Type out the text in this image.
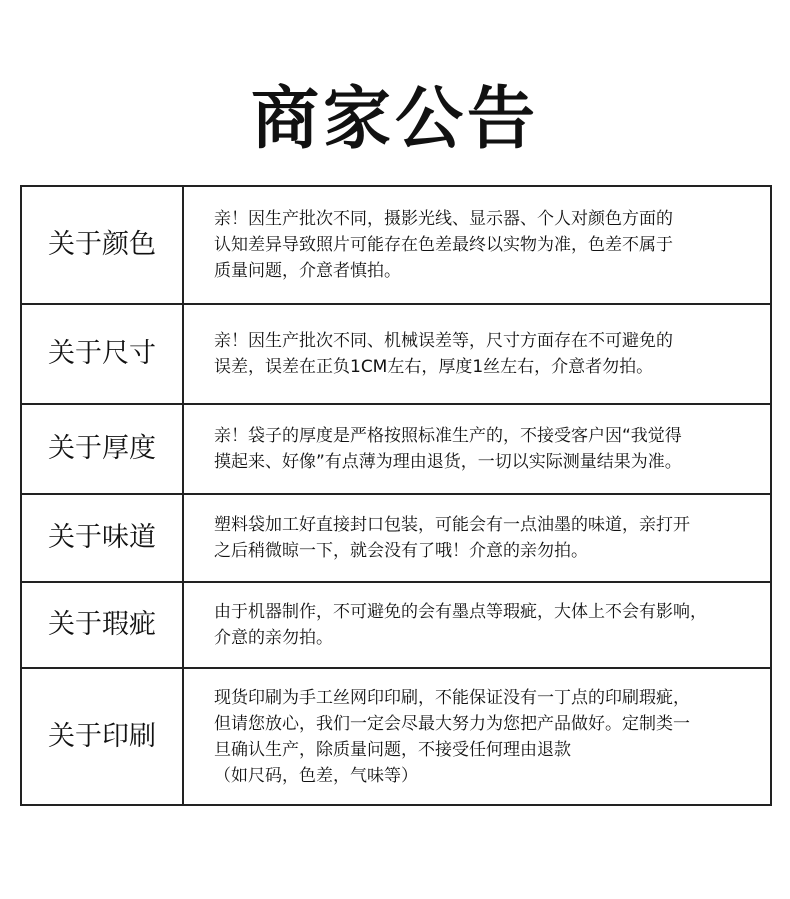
商家公告
关于颜色	亲！因生产批次不同，摄影光线、显示器、个人对颜色方面的

认知差异导致照片可能存在色差最终以实物为准，色差不属于

质量问题，介意者慎拍。

关于尺寸	亲！因生产批次不同、机械误差等，尺寸方面存在不可避免的

误差，误差在正负1CM左右，厚度1丝左右，介意者勿拍。

关于厚度	亲！袋子的厚度是严格按照标准生产的，不接受客户因“我觉得

摸起来、好像”有点薄为理由退货，一切以实际测量结果为准。

关于味道	塑料袋加工好直接封口包装，可能会有一点油墨的味道，亲打开

之后稍微晾一下，就会没有了哦！介意的亲勿拍。

关于瑕疵	由于机器制作，不可避免的会有墨点等瑕疵，大体上不会有影响，

介意的亲勿拍。

关于印刷	现货印刷为手工丝网印印刷，不能保证没有一丁点的印刷瑕疵，

但请您放心，我们一定会尽最大努力为您把产品做好。定制类一

旦确认生产，除质量问题，不接受任何理由退款

（如尺码，色差，气味等）
